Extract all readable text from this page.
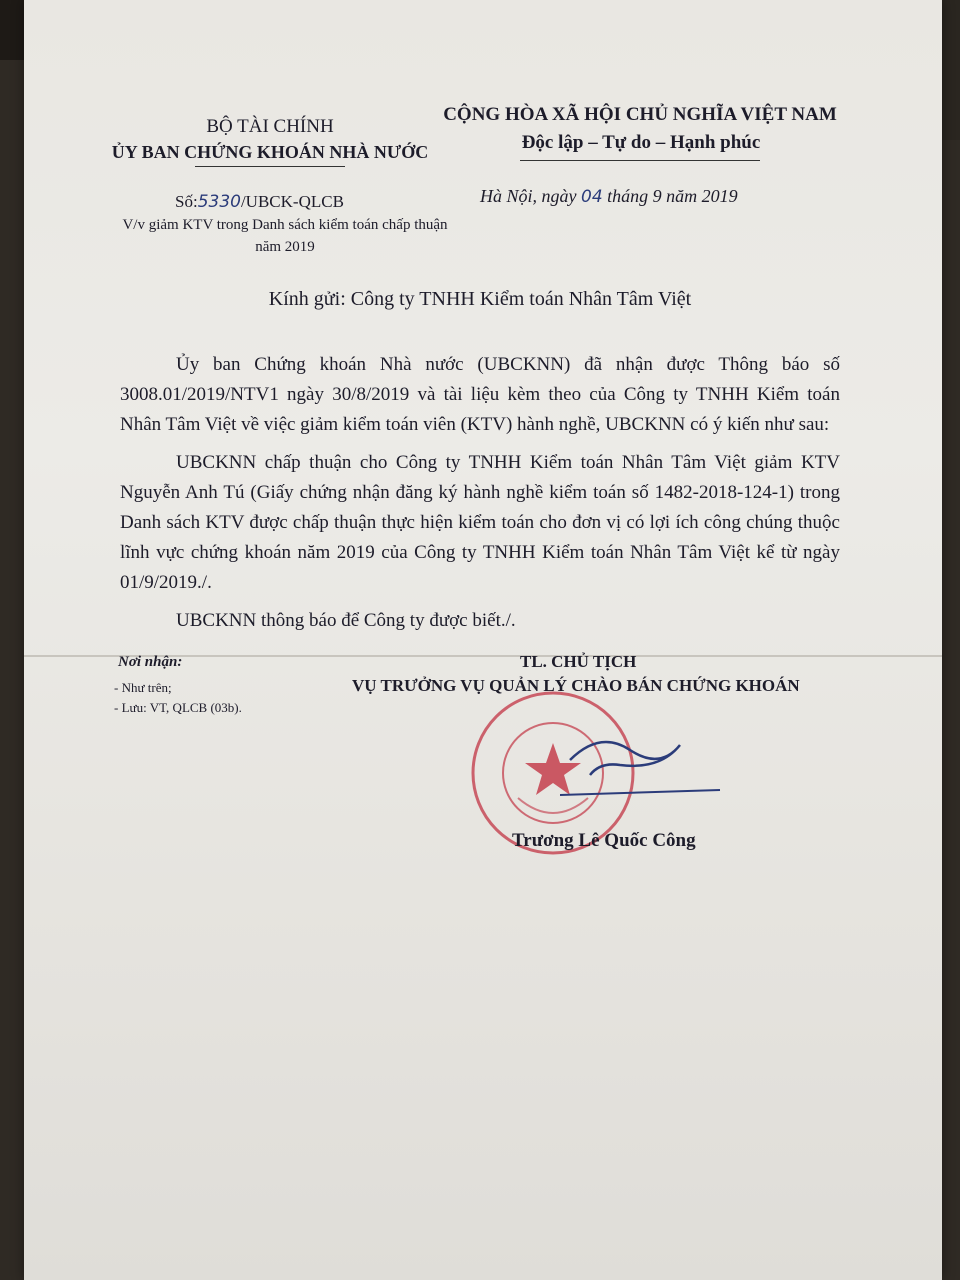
BỘ TÀI CHÍNH
ỦY BAN CHỨNG KHOÁN NHÀ NƯỚC
CỘNG HÒA XÃ HỘI CHỦ NGHĨA VIỆT NAM
Độc lập – Tự do – Hạnh phúc
Số:5330/UBCK-QLCB
V/v giảm KTV trong Danh sách kiểm toán chấp thuận năm 2019
Hà Nội, ngày 04 tháng 9 năm 2019
Kính gửi: Công ty TNHH Kiểm toán Nhân Tâm Việt

Ủy ban Chứng khoán Nhà nước (UBCKNN) đã nhận được Thông báo số 3008.01/2019/NTV1 ngày 30/8/2019 và tài liệu kèm theo của Công ty TNHH Kiểm toán Nhân Tâm Việt về việc giảm kiểm toán viên (KTV) hành nghề, UBCKNN có ý kiến như sau:

UBCKNN chấp thuận cho Công ty TNHH Kiểm toán Nhân Tâm Việt giảm KTV Nguyễn Anh Tú (Giấy chứng nhận đăng ký hành nghề kiểm toán số 1482-2018-124-1) trong Danh sách KTV được chấp thuận thực hiện kiểm toán cho đơn vị có lợi ích công chúng thuộc lĩnh vực chứng khoán năm 2019 của Công ty TNHH Kiểm toán Nhân Tâm Việt kể từ ngày 01/9/2019./.

UBCKNN thông báo để Công ty được biết./.

Nơi nhận:
- Như trên;
- Lưu: VT, QLCB (03b).
TL. CHỦ TỊCH
VỤ TRƯỞNG VỤ QUẢN LÝ CHÀO BÁN CHỨNG KHOÁN
Trương Lê Quốc Công
